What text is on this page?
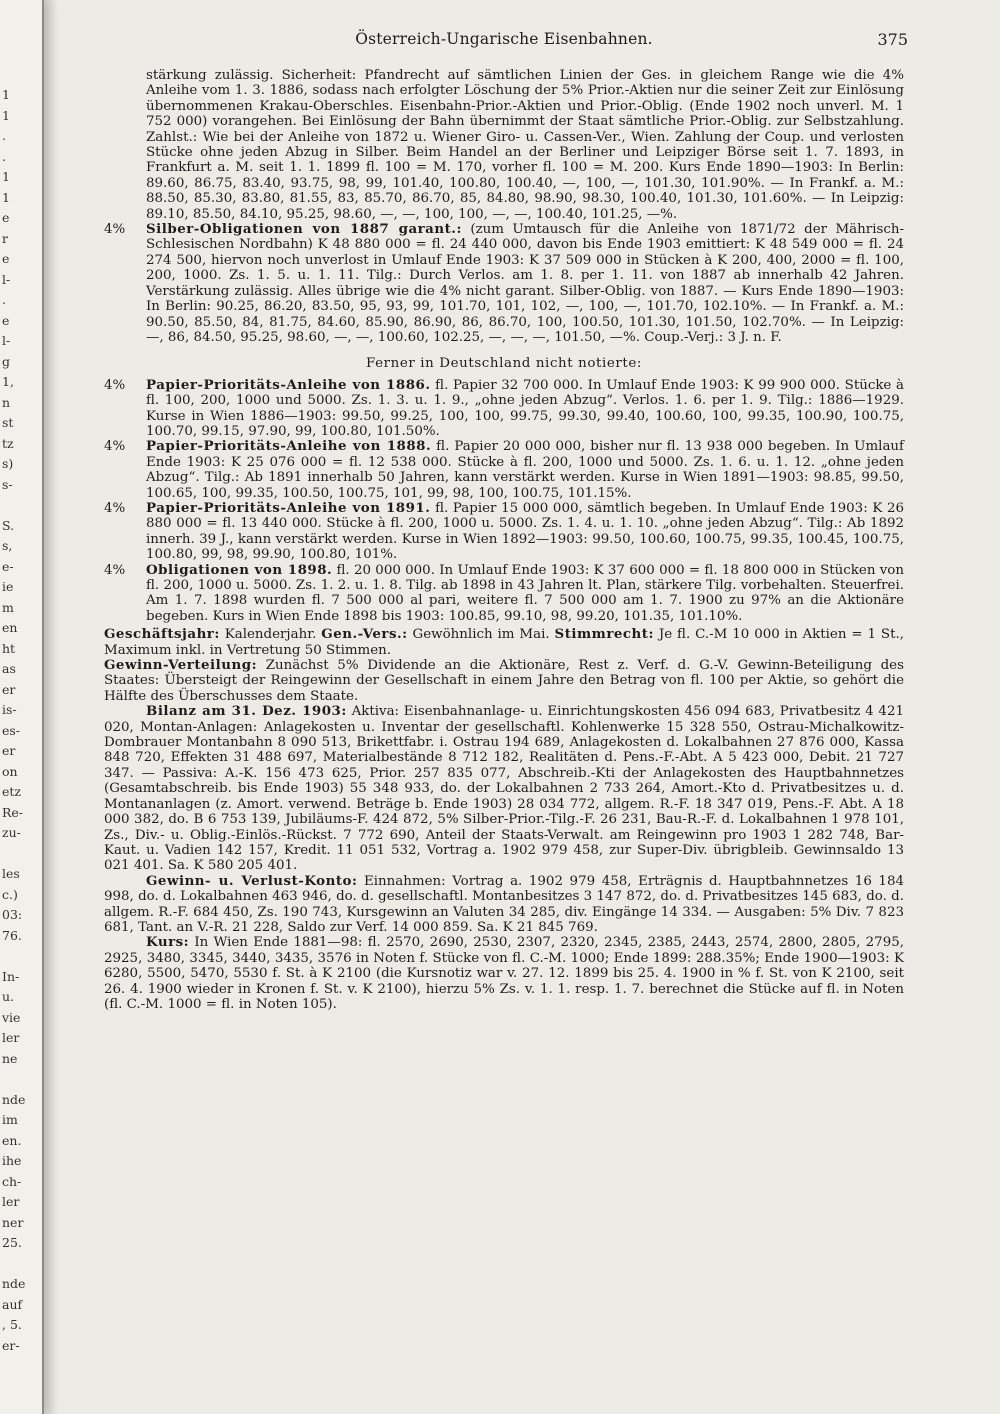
1
1
.
.
1
1
e
r
e
l-
.
e
l-
g
1,
n
st
tz
s)
s-
S.
s,
e-
ie
m
en
ht
as
er
is-
es-
er
on
etz
Re-
zu-
les
c.)
03:
76.
In-
u.
vie
ler
ne
nde
im
en.
ihe
ch-
ler
ner
25.
nde
auf
, 5.
er-
Österreich-Ungarische Eisenbahnen.	375

stärkung zulässig. Sicherheit: Pfandrecht auf sämtlichen Linien der Ges. in gleichem Range wie die 4% Anleihe vom 1. 3. 1886, sodass nach erfolgter Löschung der 5% Prior.-Aktien nur die seiner Zeit zur Einlösung übernommenen Krakau-Oberschles. Eisenbahn-Prior.-Aktien und Prior.-Oblig. (Ende 1902 noch unverl. M. 1 752 000) vorangehen. Bei Einlösung der Bahn übernimmt der Staat sämtliche Prior.-Oblig. zur Selbstzahlung. Zahlst.: Wie bei der Anleihe von 1872 u. Wiener Giro- u. Cassen-Ver., Wien. Zahlung der Coup. und verlosten Stücke ohne jeden Abzug in Silber. Beim Handel an der Berliner und Leipziger Börse seit 1. 7. 1893, in Frankfurt a. M. seit 1. 1. 1899 fl. 100 = M. 170, vorher fl. 100 = M. 200. Kurs Ende 1890—1903: In Berlin: 89.60, 86.75, 83.40, 93.75, 98, 99, 101.40, 100.80, 100.40, —, 100, —, 101.30, 101.90%. — In Frankf. a. M.: 88.50, 85.30, 83.80, 81.55, 83, 85.70, 86.70, 85, 84.80, 98.90, 98.30, 100.40, 101.30, 101.60%. — In Leipzig: 89.10, 85.50, 84.10, 95.25, 98.60, —, —, 100, 100, —, —, 100.40, 101.25, —%.

4%	Silber-Obligationen von 1887 garant.: (zum Umtausch für die Anleihe von 1871/72 der Mährisch-Schlesischen Nordbahn) K 48 880 000 = fl. 24 440 000, davon bis Ende 1903 emittiert: K 48 549 000 = fl. 24 274 500, hiervon noch unverlost in Umlauf Ende 1903: K 37 509 000 in Stücken à K 200, 400, 2000 = fl. 100, 200, 1000. Zs. 1. 5. u. 1. 11. Tilg.: Durch Verlos. am 1. 8. per 1. 11. von 1887 ab innerhalb 42 Jahren. Verstärkung zulässig. Alles übrige wie die 4% nicht garant. Silber-Oblig. von 1887. — Kurs Ende 1890—1903: In Berlin: 90.25, 86.20, 83.50, 95, 93, 99, 101.70, 101, 102, —, 100, —, 101.70, 102.10%. — In Frankf. a. M.: 90.50, 85.50, 84, 81.75, 84.60, 85.90, 86.90, 86, 86.70, 100, 100.50, 101.30, 101.50, 102.70%. — In Leipzig: —, 86, 84.50, 95.25, 98.60, —, —, 100.60, 102.25, —, —, —, 101.50, —%. Coup.-Verj.: 3 J. n. F.

Ferner in Deutschland nicht notierte:

4%	Papier-Prioritäts-Anleihe von 1886. fl. Papier 32 700 000. In Umlauf Ende 1903: K 99 900 000. Stücke à fl. 100, 200, 1000 und 5000. Zs. 1. 3. u. 1. 9., „ohne jeden Abzug“. Verlos. 1. 6. per 1. 9. Tilg.: 1886—1929. Kurse in Wien 1886—1903: 99.50, 99.25, 100, 100, 99.75, 99.30, 99.40, 100.60, 100, 99.35, 100.90, 100.75, 100.70, 99.15, 97.90, 99, 100.80, 101.50%.

4%	Papier-Prioritäts-Anleihe von 1888. fl. Papier 20 000 000, bisher nur fl. 13 938 000 begeben. In Umlauf Ende 1903: K 25 076 000 = fl. 12 538 000. Stücke à fl. 200, 1000 und 5000. Zs. 1. 6. u. 1. 12. „ohne jeden Abzug“. Tilg.: Ab 1891 innerhalb 50 Jahren, kann verstärkt werden. Kurse in Wien 1891—1903: 98.85, 99.50, 100.65, 100, 99.35, 100.50, 100.75, 101, 99, 98, 100, 100.75, 101.15%.

4%	Papier-Prioritäts-Anleihe von 1891. fl. Papier 15 000 000, sämtlich begeben. In Umlauf Ende 1903: K 26 880 000 = fl. 13 440 000. Stücke à fl. 200, 1000 u. 5000. Zs. 1. 4. u. 1. 10. „ohne jeden Abzug“. Tilg.: Ab 1892 innerh. 39 J., kann verstärkt werden. Kurse in Wien 1892—1903: 99.50, 100.60, 100.75, 99.35, 100.45, 100.75, 100.80, 99, 98, 99.90, 100.80, 101%.

4%	Obligationen von 1898. fl. 20 000 000. In Umlauf Ende 1903: K 37 600 000 = fl. 18 800 000 in Stücken von fl. 200, 1000 u. 5000. Zs. 1. 2. u. 1. 8. Tilg. ab 1898 in 43 Jahren lt. Plan, stärkere Tilg. vorbehalten. Steuerfrei. Am 1. 7. 1898 wurden fl. 7 500 000 al pari, weitere fl. 7 500 000 am 1. 7. 1900 zu 97% an die Aktionäre begeben. Kurs in Wien Ende 1898 bis 1903: 100.85, 99.10, 98, 99.20, 101.35, 101.10%.

Geschäftsjahr: Kalenderjahr. Gen.-Vers.: Gewöhnlich im Mai. Stimmrecht: Je fl. C.-M 10 000 in Aktien = 1 St., Maximum inkl. in Vertretung 50 Stimmen.

Gewinn-Verteilung: Zunächst 5% Dividende an die Aktionäre, Rest z. Verf. d. G.-V. Gewinn-Beteiligung des Staates: Übersteigt der Reingewinn der Gesellschaft in einem Jahre den Betrag von fl. 100 per Aktie, so gehört die Hälfte des Überschusses dem Staate.

Bilanz am 31. Dez. 1903: Aktiva: Eisenbahnanlage- u. Einrichtungskosten 456 094 683, Privatbesitz 4 421 020, Montan-Anlagen: Anlagekosten u. Inventar der gesellschaftl. Kohlenwerke 15 328 550, Ostrau-Michalkowitz-Dombrauer Montanbahn 8 090 513, Brikettfabr. i. Ostrau 194 689, Anlagekosten d. Lokalbahnen 27 876 000, Kassa 848 720, Effekten 31 488 697, Materialbestände 8 712 182, Realitäten d. Pens.-F.-Abt. A 5 423 000, Debit. 21 727 347. — Passiva: A.-K. 156 473 625, Prior. 257 835 077, Abschreib.-Kti der Anlagekosten des Hauptbahnnetzes (Gesamtabschreib. bis Ende 1903) 55 348 933, do. der Lokalbahnen 2 733 264, Amort.-Kto d. Privatbesitzes u. d. Montananlagen (z. Amort. verwend. Beträge b. Ende 1903) 28 034 772, allgem. R.-F. 18 347 019, Pens.-F. Abt. A 18 000 382, do. B 6 753 139, Jubiläums-F. 424 872, 5% Silber-Prior.-Tilg.-F. 26 231, Bau-R.-F. d. Lokalbahnen 1 978 101, Zs., Div.- u. Oblig.-Einlös.-Rückst. 7 772 690, Anteil der Staats-Verwalt. am Reingewinn pro 1903 1 282 748, Bar-Kaut. u. Vadien 142 157, Kredit. 11 051 532, Vortrag a. 1902 979 458, zur Super-Div. übrigbleib. Gewinnsaldo 13 021 401. Sa. K 580 205 401.

Gewinn- u. Verlust-Konto: Einnahmen: Vortrag a. 1902 979 458, Erträgnis d. Hauptbahnnetzes 16 184 998, do. d. Lokalbahnen 463 946, do. d. gesellschaftl. Montanbesitzes 3 147 872, do. d. Privatbesitzes 145 683, do. d. allgem. R.-F. 684 450, Zs. 190 743, Kursgewinn an Valuten 34 285, div. Eingänge 14 334. — Ausgaben: 5% Div. 7 823 681, Tant. an V.-R. 21 228, Saldo zur Verf. 14 000 859. Sa. K 21 845 769.

Kurs: In Wien Ende 1881—98: fl. 2570, 2690, 2530, 2307, 2320, 2345, 2385, 2443, 2574, 2800, 2805, 2795, 2925, 3480, 3345, 3440, 3435, 3576 in Noten f. Stücke von fl. C.-M. 1000; Ende 1899: 288.35%; Ende 1900—1903: K 6280, 5500, 5470, 5530 f. St. à K 2100 (die Kursnotiz war v. 27. 12. 1899 bis 25. 4. 1900 in % f. St. von K 2100, seit 26. 4. 1900 wieder in Kronen f. St. v. K 2100), hierzu 5% Zs. v. 1. 1. resp. 1. 7. berechnet die Stücke auf fl. in Noten (fl. C.-M. 1000 = fl. in Noten 105).
